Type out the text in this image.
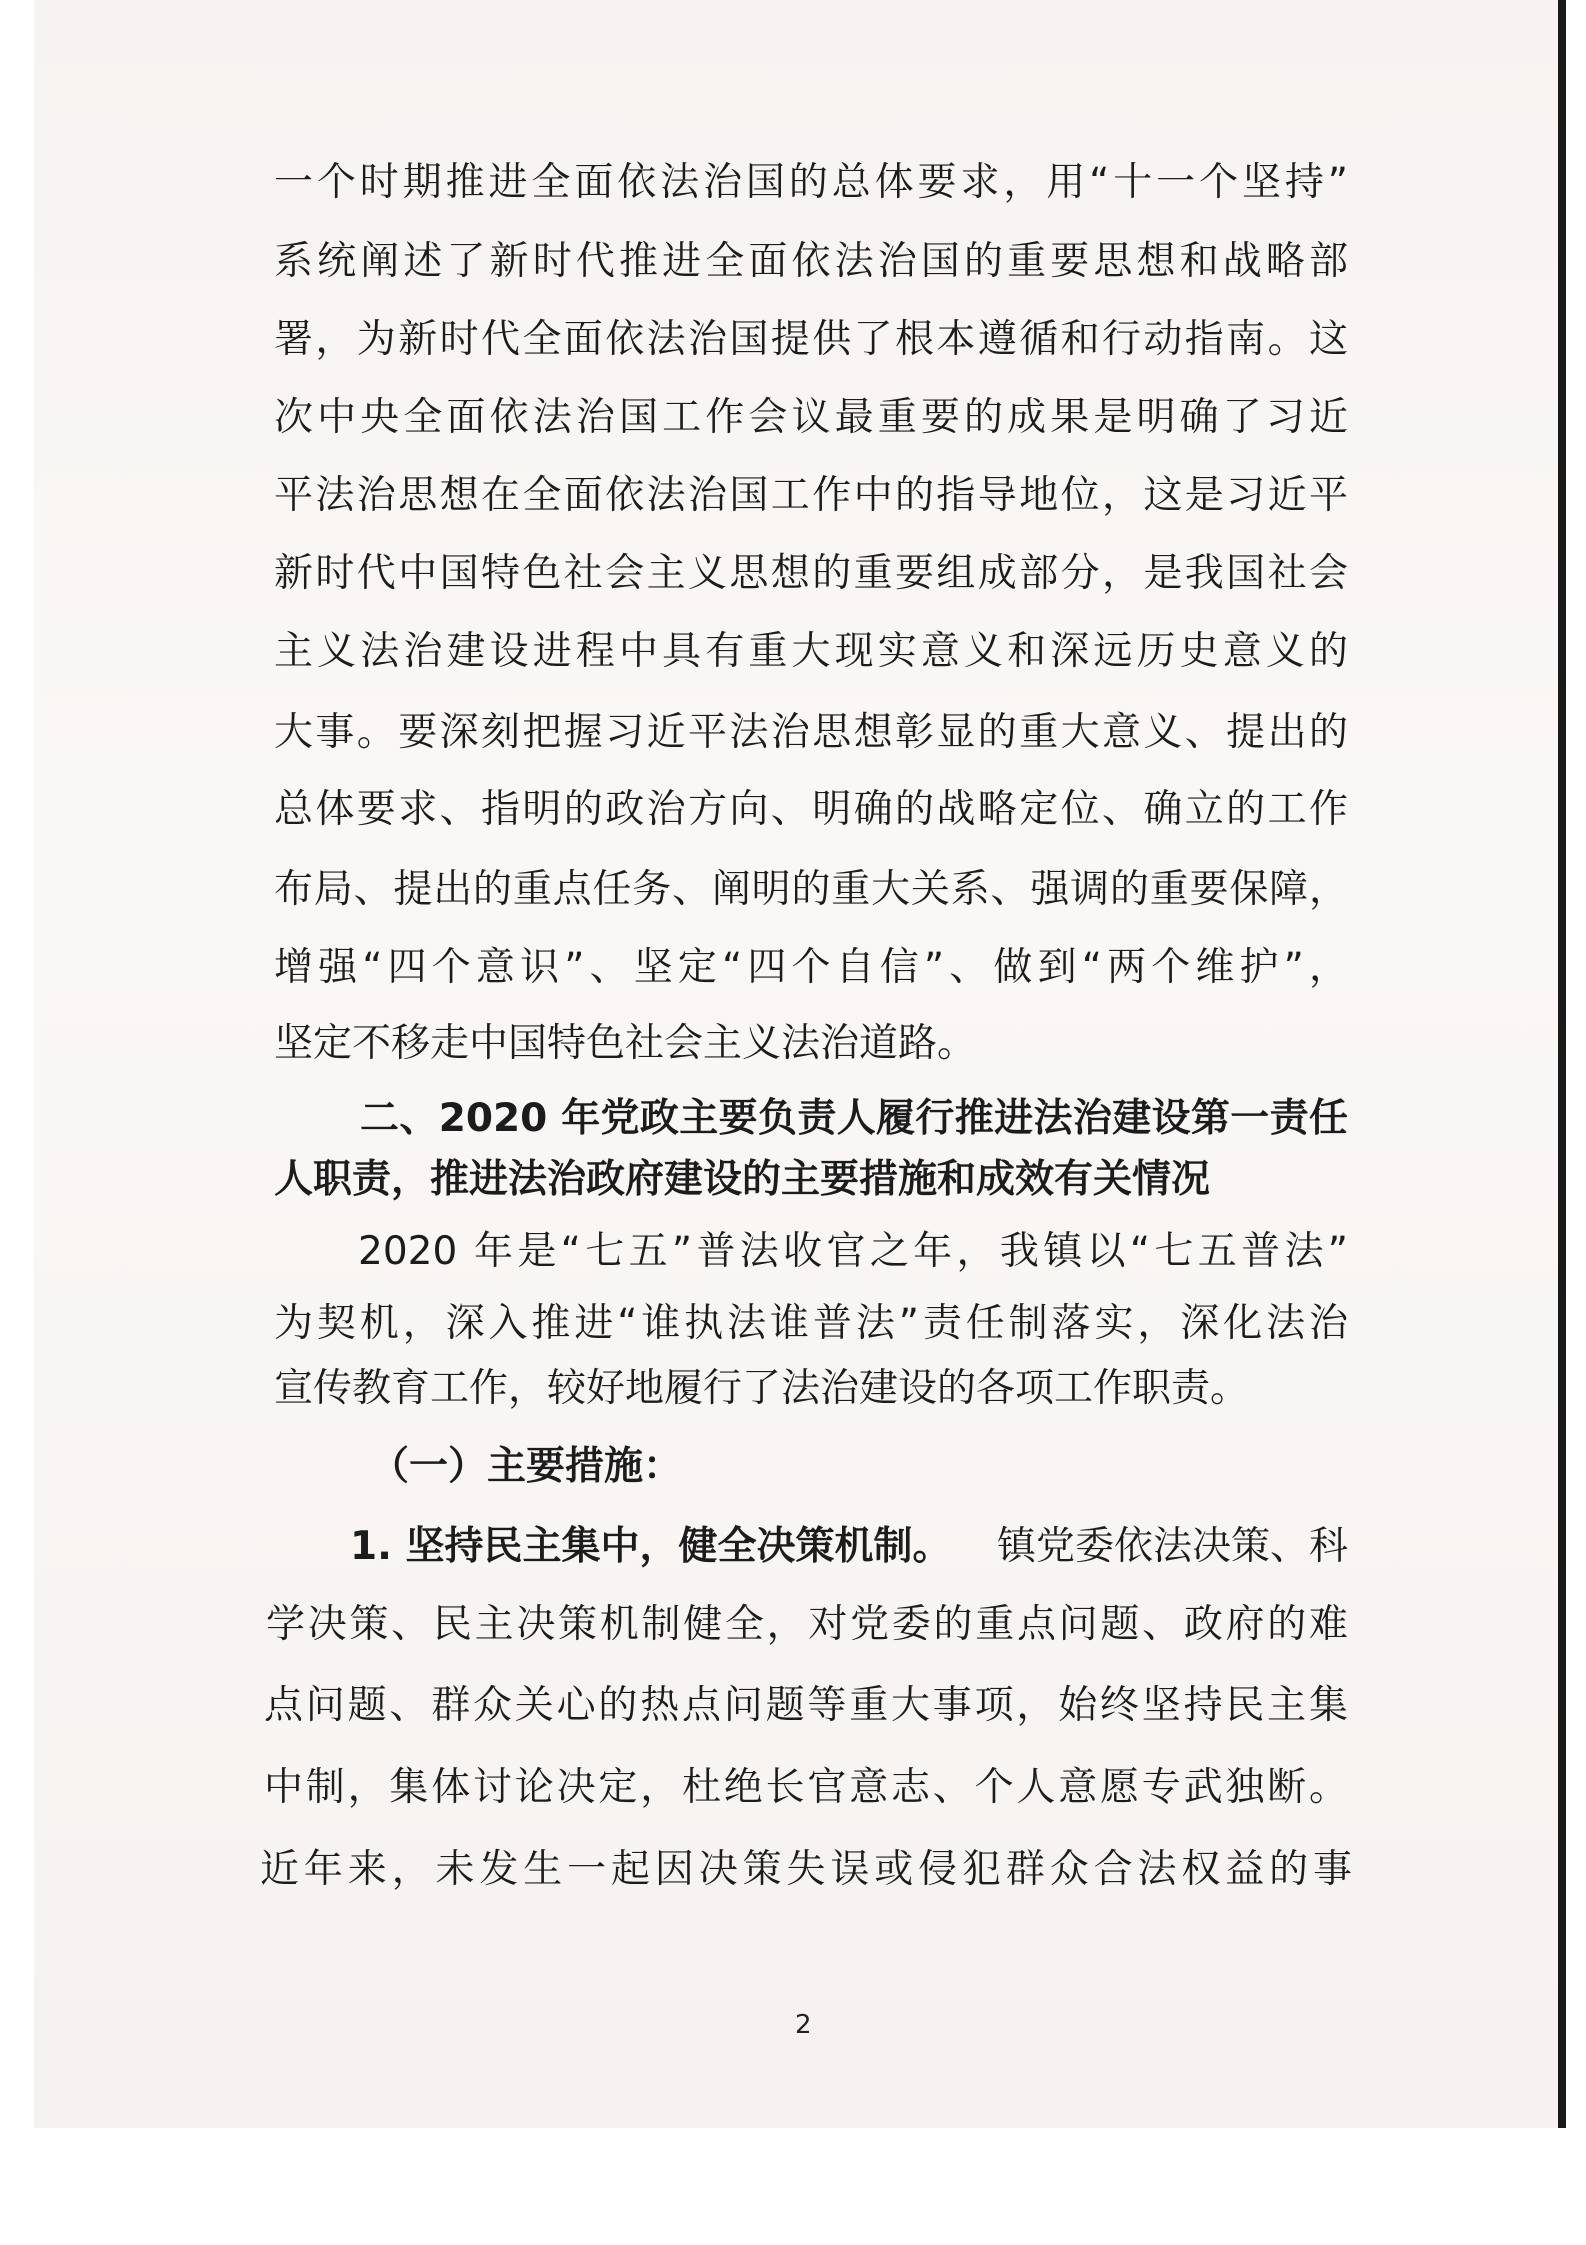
一个时期推进全面依法治国的总体要求，用“十一个坚持”
系统阐述了新时代推进全面依法治国的重要思想和战略部
署，为新时代全面依法治国提供了根本遵循和行动指南。这
次中央全面依法治国工作会议最重要的成果是明确了习近
平法治思想在全面依法治国工作中的指导地位，这是习近平
新时代中国特色社会主义思想的重要组成部分，是我国社会
主义法治建设进程中具有重大现实意义和深远历史意义的
大事。要深刻把握习近平法治思想彰显的重大意义、提出的
总体要求、指明的政治方向、明确的战略定位、确立的工作
布局、提出的重点任务、阐明的重大关系、强调的重要保障，
增强“四个意识”、坚定“四个自信”、做到“两个维护”，
坚定不移走中国特色社会主义法治道路。
二、2020 年党政主要负责人履行推进法治建设第一责任
人职责，推进法治政府建设的主要措施和成效有关情况
2020 年是“七五”普法收官之年，我镇以“七五普法”
为契机，深入推进“谁执法谁普法”责任制落实，深化法治
宣传教育工作，较好地履行了法治建设的各项工作职责。
（一）主要措施：
1. 坚持民主集中，健全决策机制。 镇党委依法决策、科
学决策、民主决策机制健全，对党委的重点问题、政府的难
点问题、群众关心的热点问题等重大事项，始终坚持民主集
中制，集体讨论决定，杜绝长官意志、个人意愿专武独断。
近年来，未发生一起因决策失误或侵犯群众合法权益的事
2
